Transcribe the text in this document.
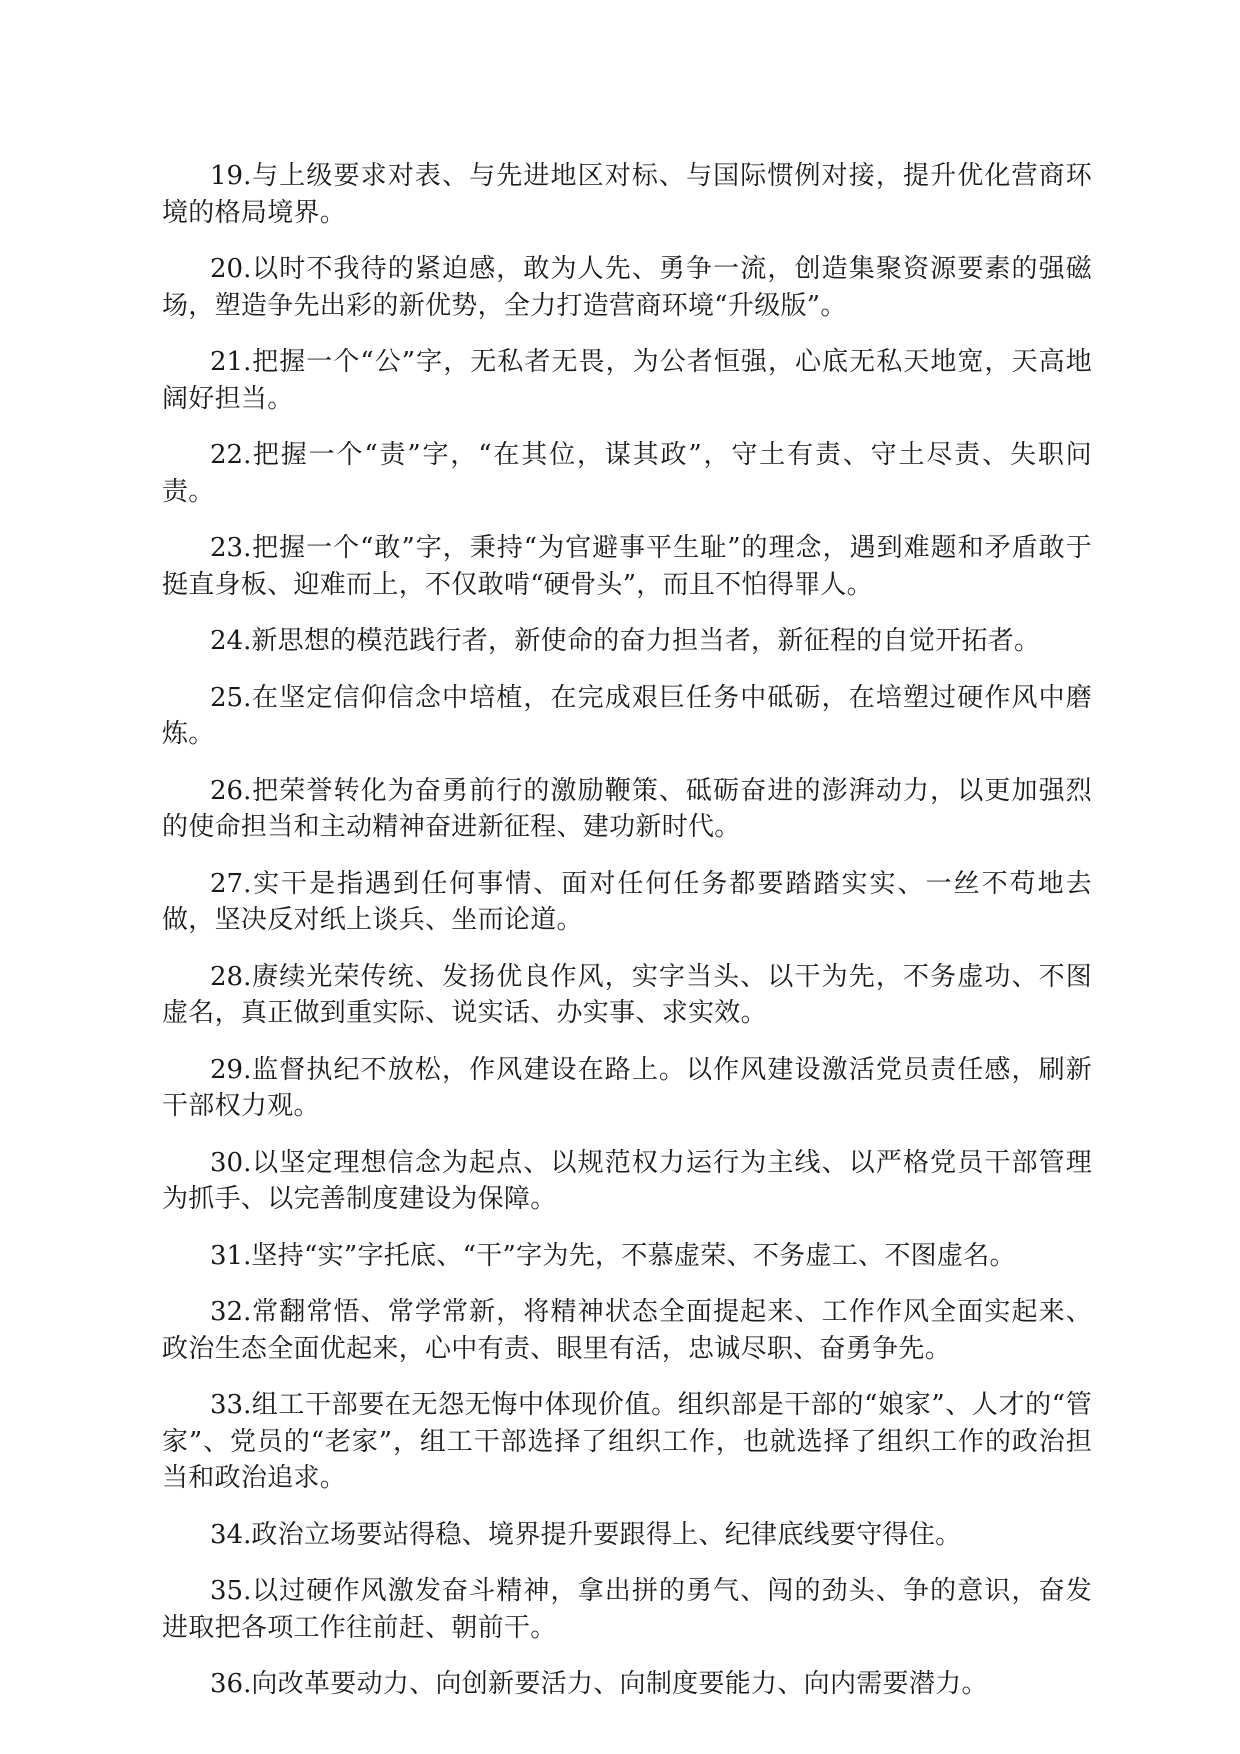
19.与上级要求对表、与先进地区对标、与国际惯例对接，提升优化营商环境的格局境界。

20.以时不我待的紧迫感，敢为人先、勇争一流，创造集聚资源要素的强磁场，塑造争先出彩的新优势，全力打造营商环境“升级版”。

21.把握一个“公”字，无私者无畏，为公者恒强，心底无私天地宽，天高地阔好担当。

22.把握一个“责”字，“在其位，谋其政”，守土有责、守土尽责、失职问责。

23.把握一个“敢”字，秉持“为官避事平生耻”的理念，遇到难题和矛盾敢于挺直身板、迎难而上，不仅敢啃“硬骨头”，而且不怕得罪人。

24.新思想的模范践行者，新使命的奋力担当者，新征程的自觉开拓者。

25.在坚定信仰信念中培植，在完成艰巨任务中砥砺，在培塑过硬作风中磨炼。

26.把荣誉转化为奋勇前行的激励鞭策、砥砺奋进的澎湃动力，以更加强烈的使命担当和主动精神奋进新征程、建功新时代。

27.实干是指遇到任何事情、面对任何任务都要踏踏实实、一丝不苟地去做，坚决反对纸上谈兵、坐而论道。

28.赓续光荣传统、发扬优良作风，实字当头、以干为先，不务虚功、不图虚名，真正做到重实际、说实话、办实事、求实效。

29.监督执纪不放松，作风建设在路上。以作风建设激活党员责任感，刷新干部权力观。

30.以坚定理想信念为起点、以规范权力运行为主线、以严格党员干部管理为抓手、以完善制度建设为保障。

31.坚持“实”字托底、“干”字为先，不慕虚荣、不务虚工、不图虚名。

32.常翻常悟、常学常新，将精神状态全面提起来、工作作风全面实起来、政治生态全面优起来，心中有责、眼里有活，忠诚尽职、奋勇争先。

33.组工干部要在无怨无悔中体现价值。组织部是干部的“娘家”、人才的“管家”、党员的“老家”，组工干部选择了组织工作，也就选择了组织工作的政治担当和政治追求。

34.政治立场要站得稳、境界提升要跟得上、纪律底线要守得住。

35.以过硬作风激发奋斗精神，拿出拼的勇气、闯的劲头、争的意识，奋发进取把各项工作往前赶、朝前干。

36.向改革要动力、向创新要活力、向制度要能力、向内需要潜力。
